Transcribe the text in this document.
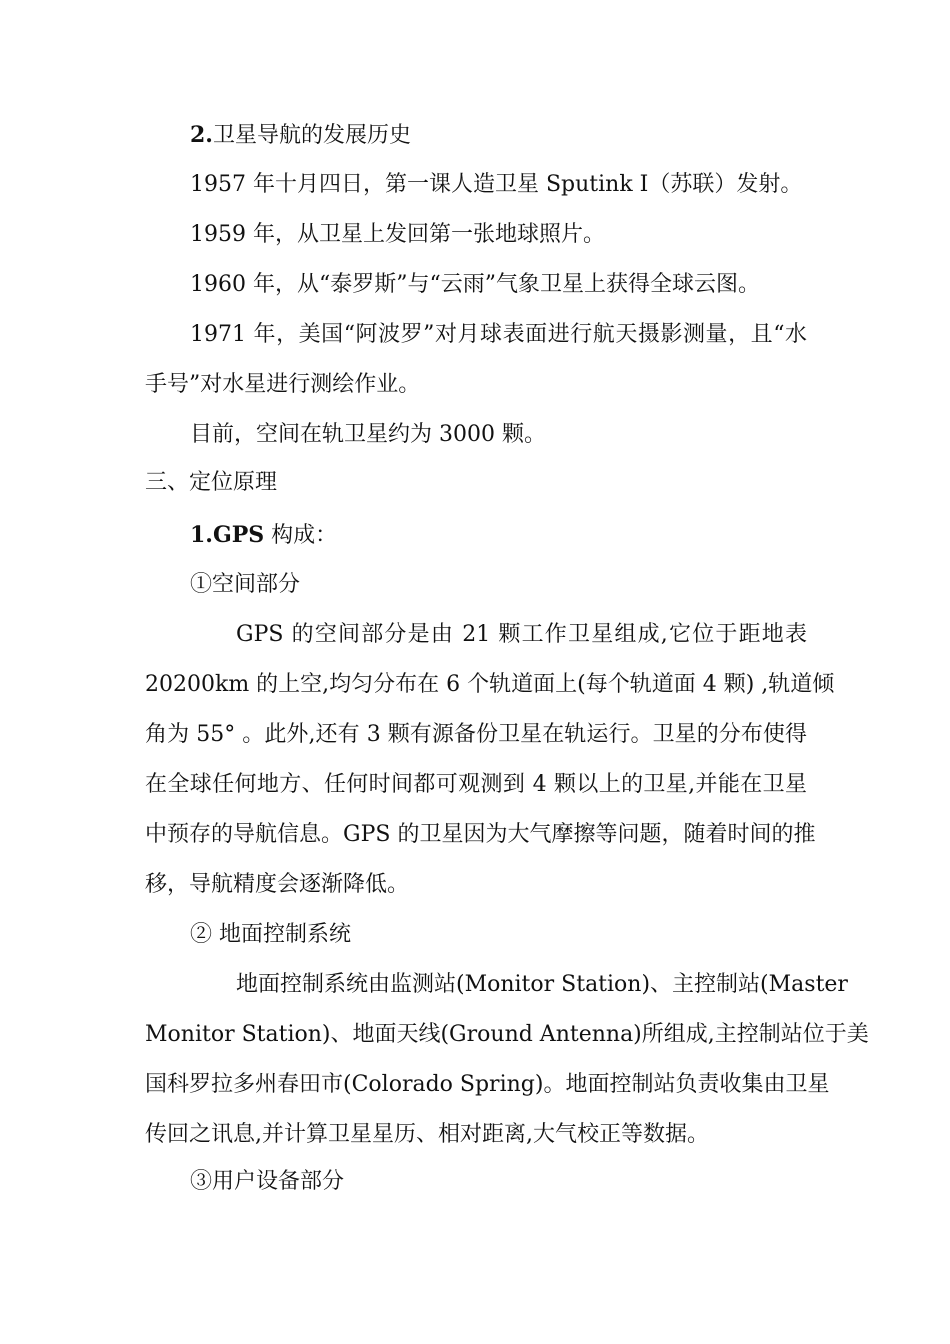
2.卫星导航的发展历史
1957 年十月四日，第一课人造卫星 Sputink I（苏联）发射。
1959 年，从卫星上发回第一张地球照片。
1960 年，从“泰罗斯”与“云雨”气象卫星上获得全球云图。
1971 年，美国“阿波罗”对月球表面进行航天摄影测量，且“水
手号”对水星进行测绘作业。
目前，空间在轨卫星约为 3000 颗。
三、定位原理
1.GPS 构成：
①空间部分
GPS 的空间部分是由 21 颗工作卫星组成,它位于距地表
20200km 的上空,均匀分布在 6 个轨道面上(每个轨道面 4 颗) ,轨道倾
角为 55° 。此外,还有 3 颗有源备份卫星在轨运行。卫星的分布使得
在全球任何地方、任何时间都可观测到 4 颗以上的卫星,并能在卫星
中预存的导航信息。GPS 的卫星因为大气摩擦等问题，随着时间的推
移，导航精度会逐渐降低。
② 地面控制系统
地面控制系统由监测站(Monitor Station)、主控制站(Master
Monitor Station)、地面天线(Ground Antenna)所组成,主控制站位于美
国科罗拉多州春田市(Colorado Spring)。地面控制站负责收集由卫星
传回之讯息,并计算卫星星历、相对距离,大气校正等数据。
③用户设备部分
